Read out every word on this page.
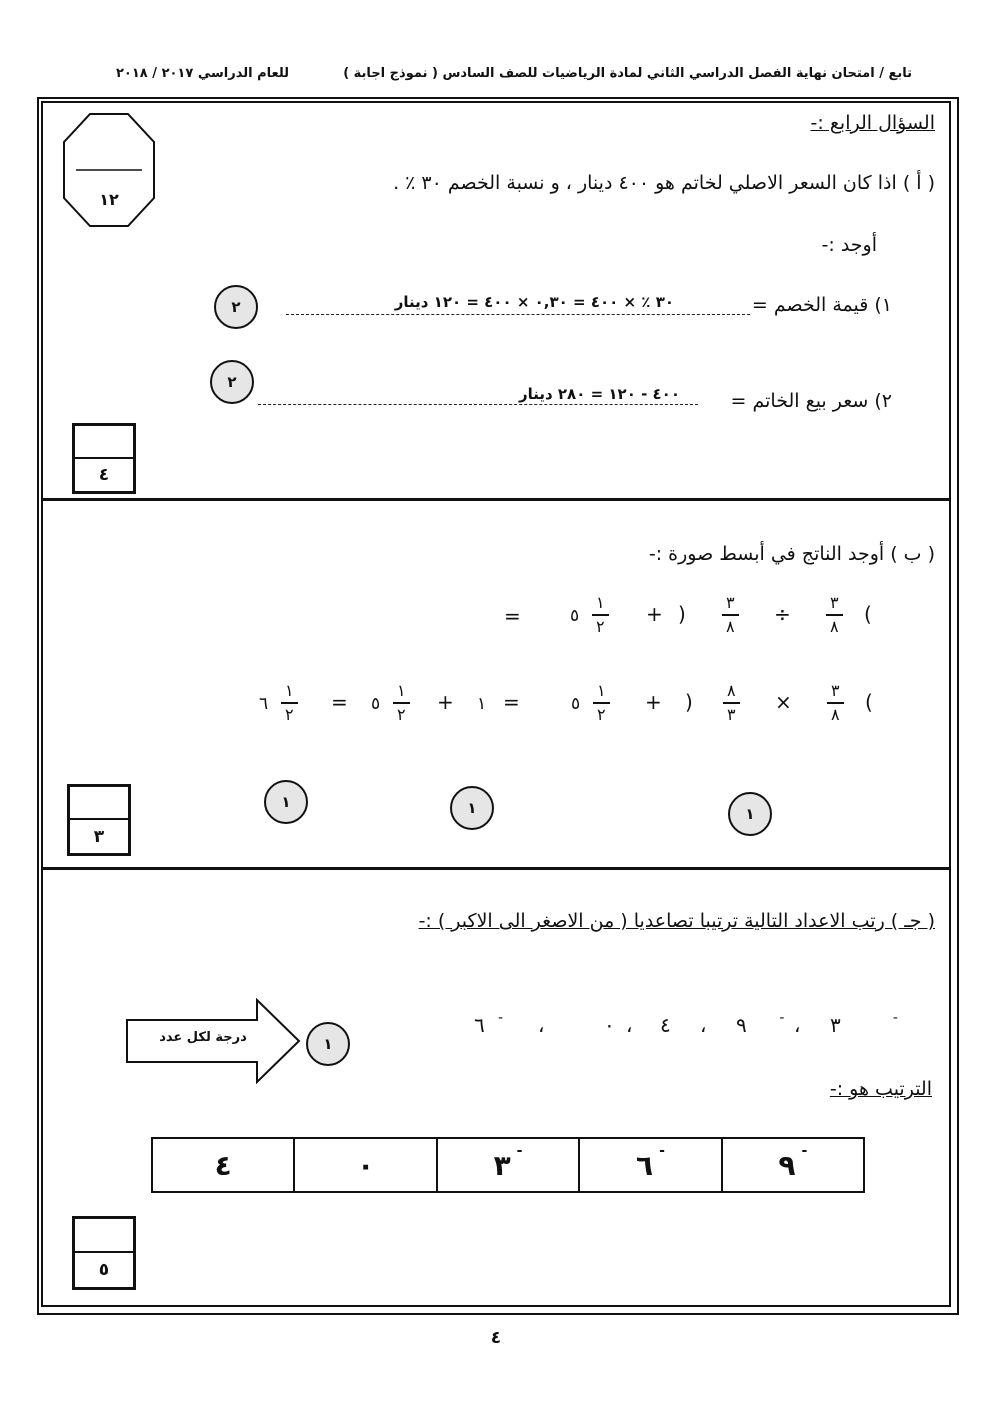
تابع / امتحان نهاية الفصل الدراسي الثاني لمادة الرياضيات للصف السادس ( نموذج اجابة )
للعام الدراسي ٢٠١٧ / ٢٠١٨
١٢
السؤال الرابع :-
( أ ) اذا كان السعر الاصلي لخاتم هو ٤٠٠ دينار ، و نسبة الخصم ٣٠ ٪ .
أوجد :-
١) قيمة الخصم =
٣٠ ٪ × ٤٠٠ = ٠,٣٠ × ٤٠٠ = ١٢٠ دينار
٢
٢) سعر بيع الخاتم =
٤٠٠ - ١٢٠ = ٢٨٠ دينار
٢
٤
( ب ) أوجد الناتج في أبسط صورة :-
=	٥
١
٢
+ )	٣
٨
÷ ٣
٨
(
٦
١
٢
= ٥
١
٢
+ ١ =	٥
١
٢
+ ) ٨
٣
× ٣
٨
(
١	١	١
٣
( جـ ) رتب الاعداد التالية ترتيبا تصاعديا ( من الاصغر الى الاكبر ) :-
٦ - ،	٠ ، ٤ ، ٩ - ، ٣	-
درجة لكل عدد	١
الترتيب هو :-
٤	٠	٣ -	٦ -	٩ -
٥
٤
